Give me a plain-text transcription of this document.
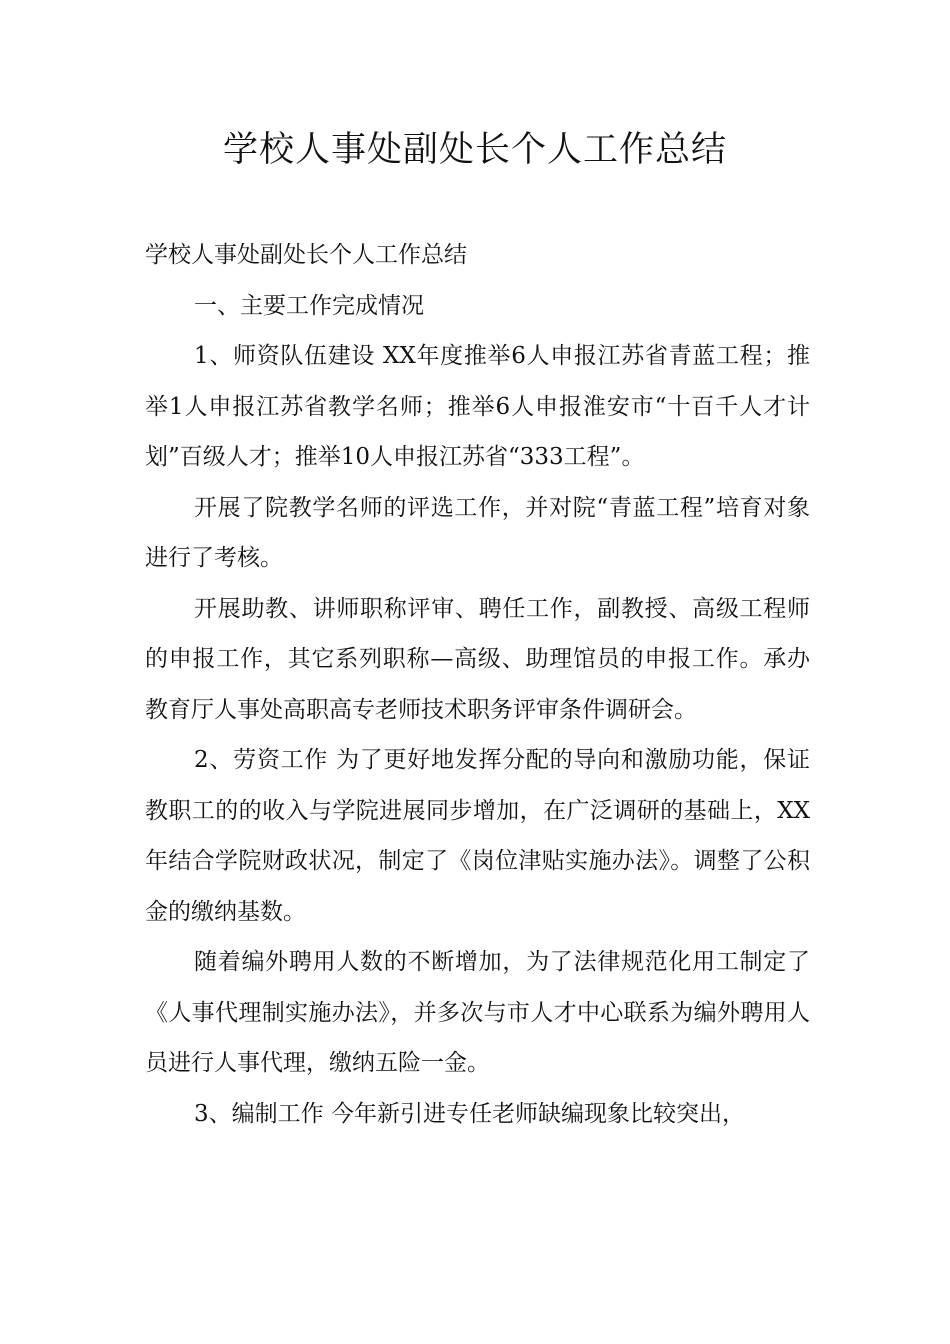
学校人事处副处长个人工作总结

学校人事处副处长个人工作总结

一、主要工作完成情况

1、师资队伍建设 XX年度推举6人申报江苏省青蓝工程；推举1人申报江苏省教学名师；推举6人申报淮安市“十百千人才计划”百级人才；推举10人申报江苏省“333工程”。

开展了院教学名师的评选工作，并对院“青蓝工程”培育对象进行了考核。

开展助教、讲师职称评审、聘任工作，副教授、高级工程师的申报工作，其它系列职称—高级、助理馆员的申报工作。承办教育厅人事处高职高专老师技术职务评审条件调研会。

2、劳资工作 为了更好地发挥分配的导向和激励功能，保证教职工的的收入与学院进展同步增加，在广泛调研的基础上，XX年结合学院财政状况，制定了《岗位津贴实施办法》。调整了公积金的缴纳基数。

随着编外聘用人数的不断增加，为了法律规范化用工制定了《人事代理制实施办法》，并多次与市人才中心联系为编外聘用人员进行人事代理，缴纳五险一金。

3、编制工作 今年新引进专任老师缺编现象比较突出，
